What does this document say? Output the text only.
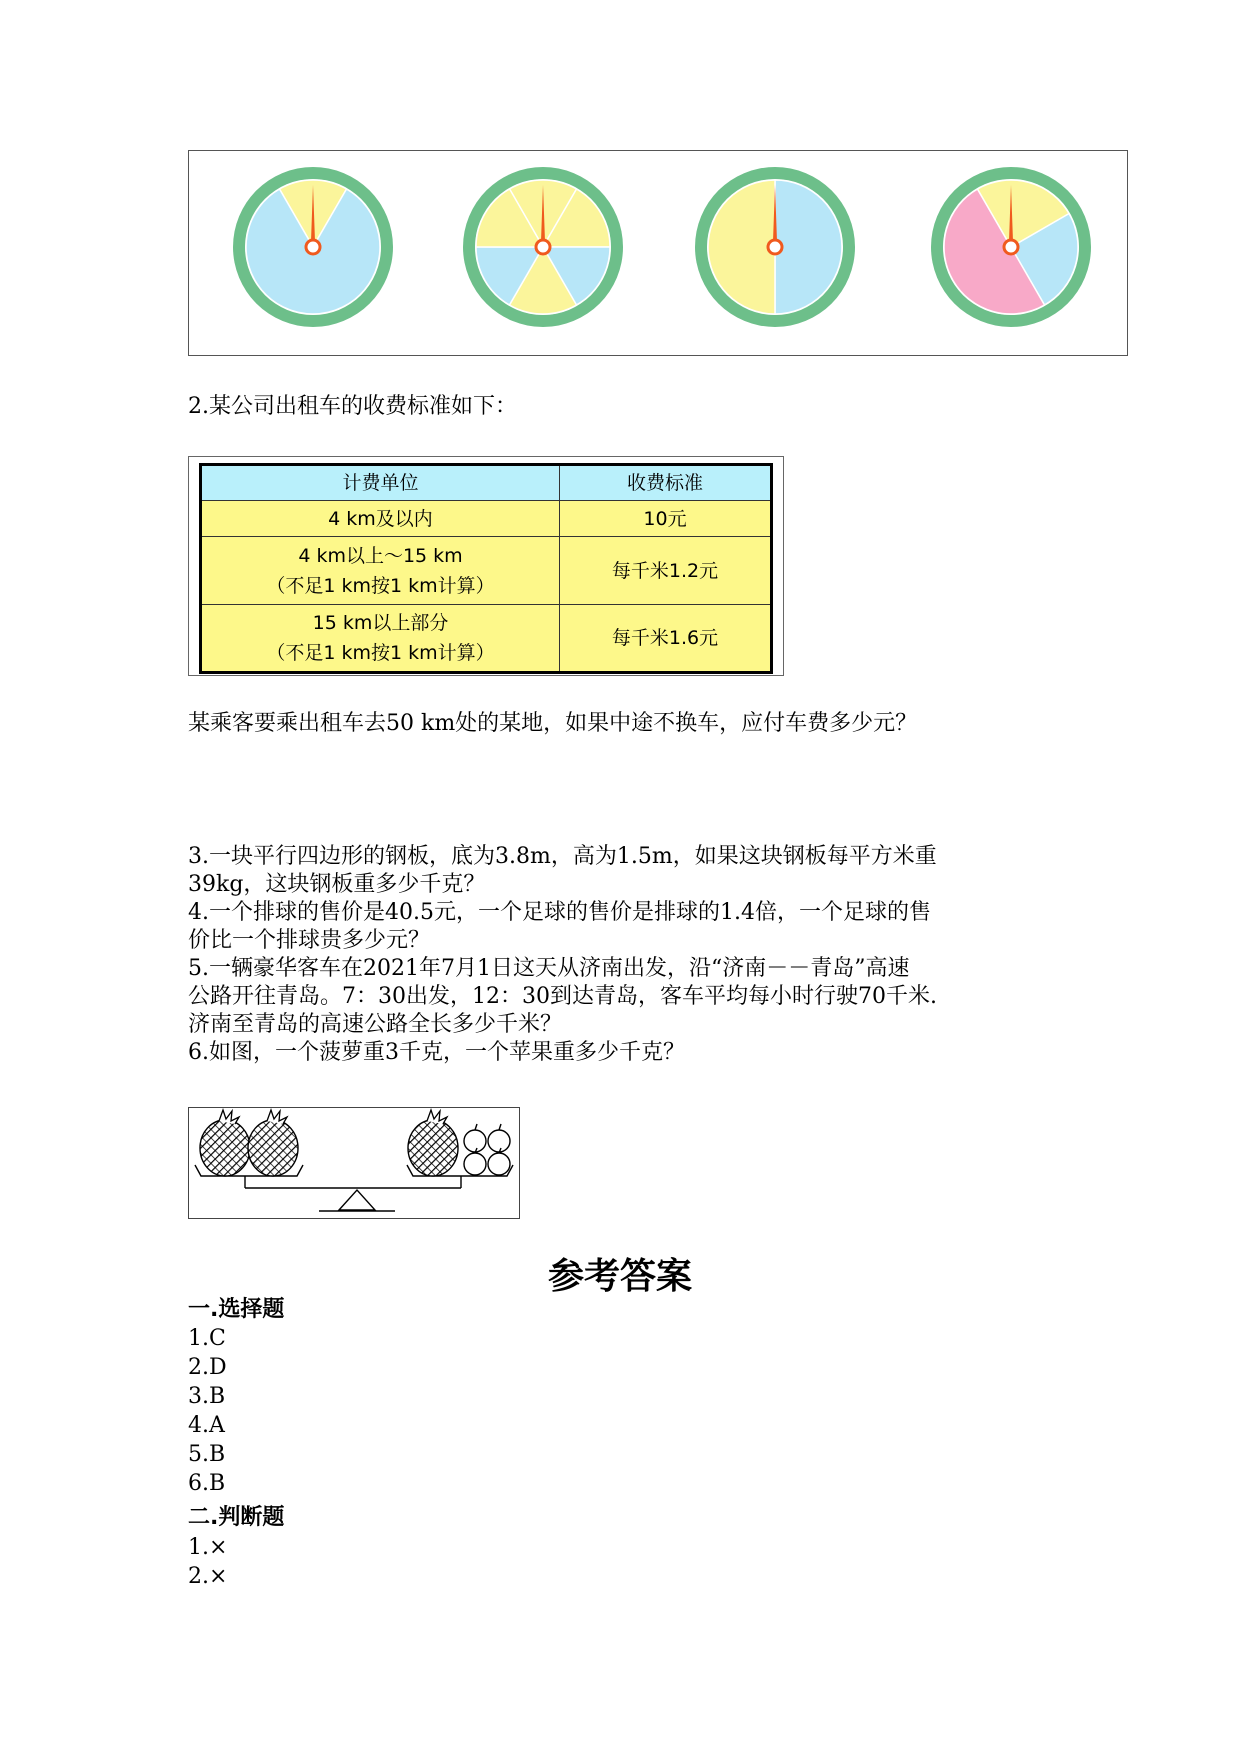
2.某公司出租车的收费标准如下：
计费单位	收费标准
4 km及以内	10元
4 km以上～15 km
（不足1 km按1 km计算）	每千米1.2元
15 km以上部分
（不足1 km按1 km计算）	每千米1.6元
某乘客要乘出租车去50 km处的某地，如果中途不换车，应付车费多少元？
3.一块平行四边形的钢板，底为3.8m，高为1.5m，如果这块钢板每平方米重
39kg，这块钢板重多少千克？
4.一个排球的售价是40.5元，一个足球的售价是排球的1.4倍，一个足球的售
价比一个排球贵多少元？
5.一辆豪华客车在2021年7月1日这天从济南出发，沿“济南－－青岛”高速
公路开往青岛。7：30出发，12：30到达青岛，客车平均每小时行驶70千米.
济南至青岛的高速公路全长多少千米？
6.如图，一个菠萝重3千克，一个苹果重多少千克？
参考答案
一.选择题
1.C
2.D
3.B
4.A
5.B
6.B
二.判断题
1.×
2.×
